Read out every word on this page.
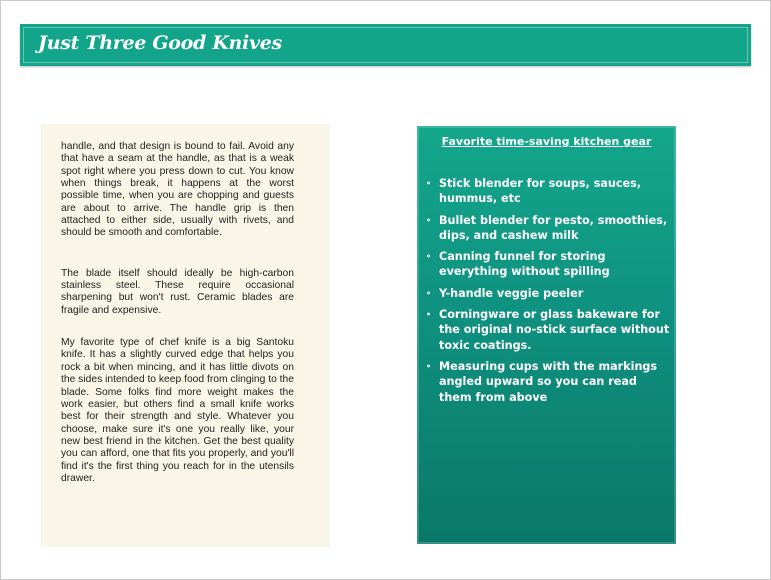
Just Three Good Knives

handle, and that design is bound to fail. Avoid any that have a seam at the handle, as that is a weak spot right where you press down to cut. You know when things break, it happens at the worst possible time, when you are chopping and guests are about to arrive. The handle grip is then attached to either side, usually with rivets, and should be smooth and comfortable.

The blade itself should ideally be high-carbon stainless steel. These require occasional sharpening but won't rust. Ceramic blades are fragile and expensive.

My favorite type of chef knife is a big Santoku knife. It has a slightly curved edge that helps you rock a bit when mincing, and it has little divots on the sides intended to keep food from clinging to the blade. Some folks find more weight makes the work easier, but others find a small knife works best for their strength and style. Whatever you choose, make sure it's one you really like, your new best friend in the kitchen. Get the best quality you can afford, one that fits you properly, and you'll find it's the first thing you reach for in the utensils drawer.

Favorite time-saving kitchen gear
• Stick blender for soups, sauces, hummus, etc
• Bullet blender for pesto, smoothies, dips, and cashew milk
• Canning funnel for storing everything without spilling
• Y-handle veggie peeler
• Corningware or glass bakeware for the original no-stick surface without toxic coatings.
• Measuring cups with the markings angled upward so you can read them from above
